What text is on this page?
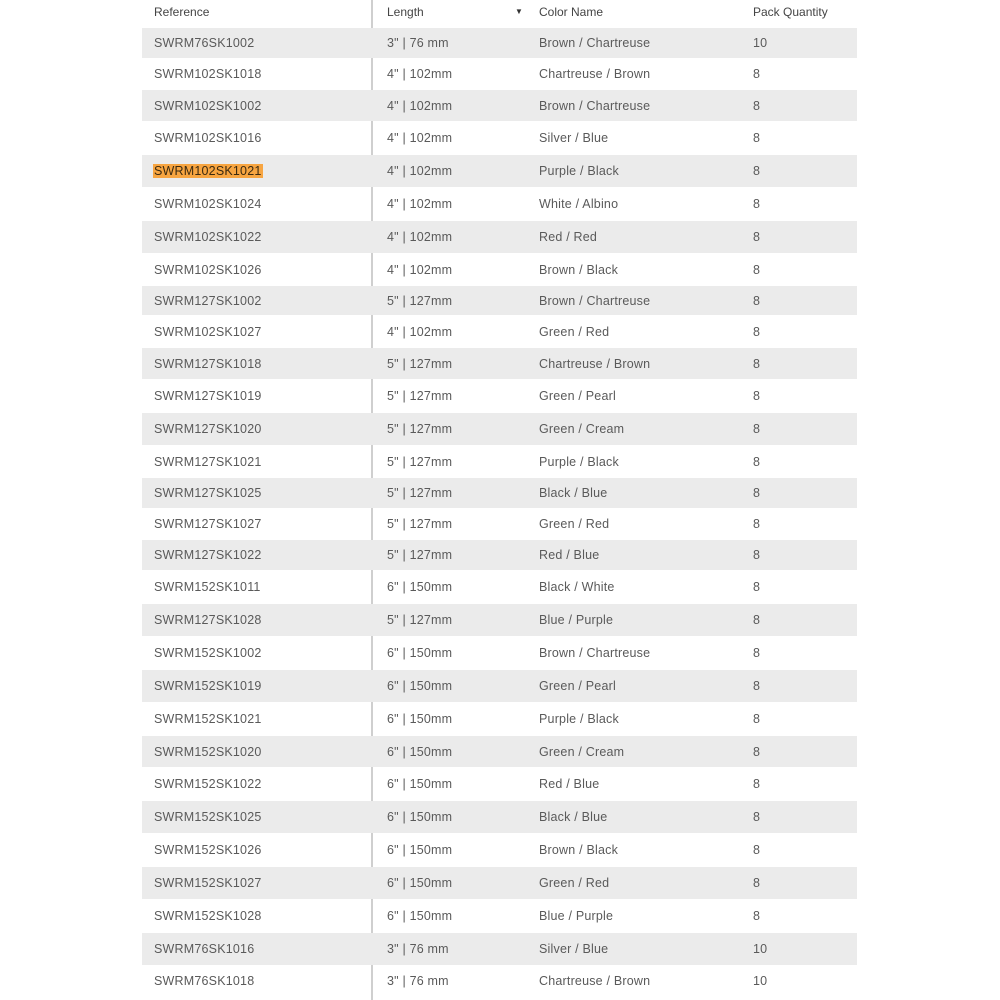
Reference	Length	▼ Color Name	Pack Quantity
SWRM76SK1002	3" | 76 mm	Brown / Chartreuse	10
SWRM102SK1018	4" | 102mm	Chartreuse / Brown	8
SWRM102SK1002	4" | 102mm	Brown / Chartreuse	8
SWRM102SK1016	4" | 102mm	Silver / Blue	8
SWRM102SK1021	4" | 102mm	Purple / Black	8
SWRM102SK1024	4" | 102mm	White / Albino	8
SWRM102SK1022	4" | 102mm	Red / Red	8
SWRM102SK1026	4" | 102mm	Brown / Black	8
SWRM127SK1002	5" | 127mm	Brown / Chartreuse	8
SWRM102SK1027	4" | 102mm	Green / Red	8
SWRM127SK1018	5" | 127mm	Chartreuse / Brown	8
SWRM127SK1019	5" | 127mm	Green / Pearl	8
SWRM127SK1020	5" | 127mm	Green / Cream	8
SWRM127SK1021	5" | 127mm	Purple / Black	8
SWRM127SK1025	5" | 127mm	Black / Blue	8
SWRM127SK1027	5" | 127mm	Green / Red	8
SWRM127SK1022	5" | 127mm	Red / Blue	8
SWRM152SK1011	6" | 150mm	Black / White	8
SWRM127SK1028	5" | 127mm	Blue / Purple	8
SWRM152SK1002	6" | 150mm	Brown / Chartreuse	8
SWRM152SK1019	6" | 150mm	Green / Pearl	8
SWRM152SK1021	6" | 150mm	Purple / Black	8
SWRM152SK1020	6" | 150mm	Green / Cream	8
SWRM152SK1022	6" | 150mm	Red / Blue	8
SWRM152SK1025	6" | 150mm	Black / Blue	8
SWRM152SK1026	6" | 150mm	Brown / Black	8
SWRM152SK1027	6" | 150mm	Green / Red	8
SWRM152SK1028	6" | 150mm	Blue / Purple	8
SWRM76SK1016	3" | 76 mm	Silver / Blue	10
SWRM76SK1018	3" | 76 mm	Chartreuse / Brown	10
